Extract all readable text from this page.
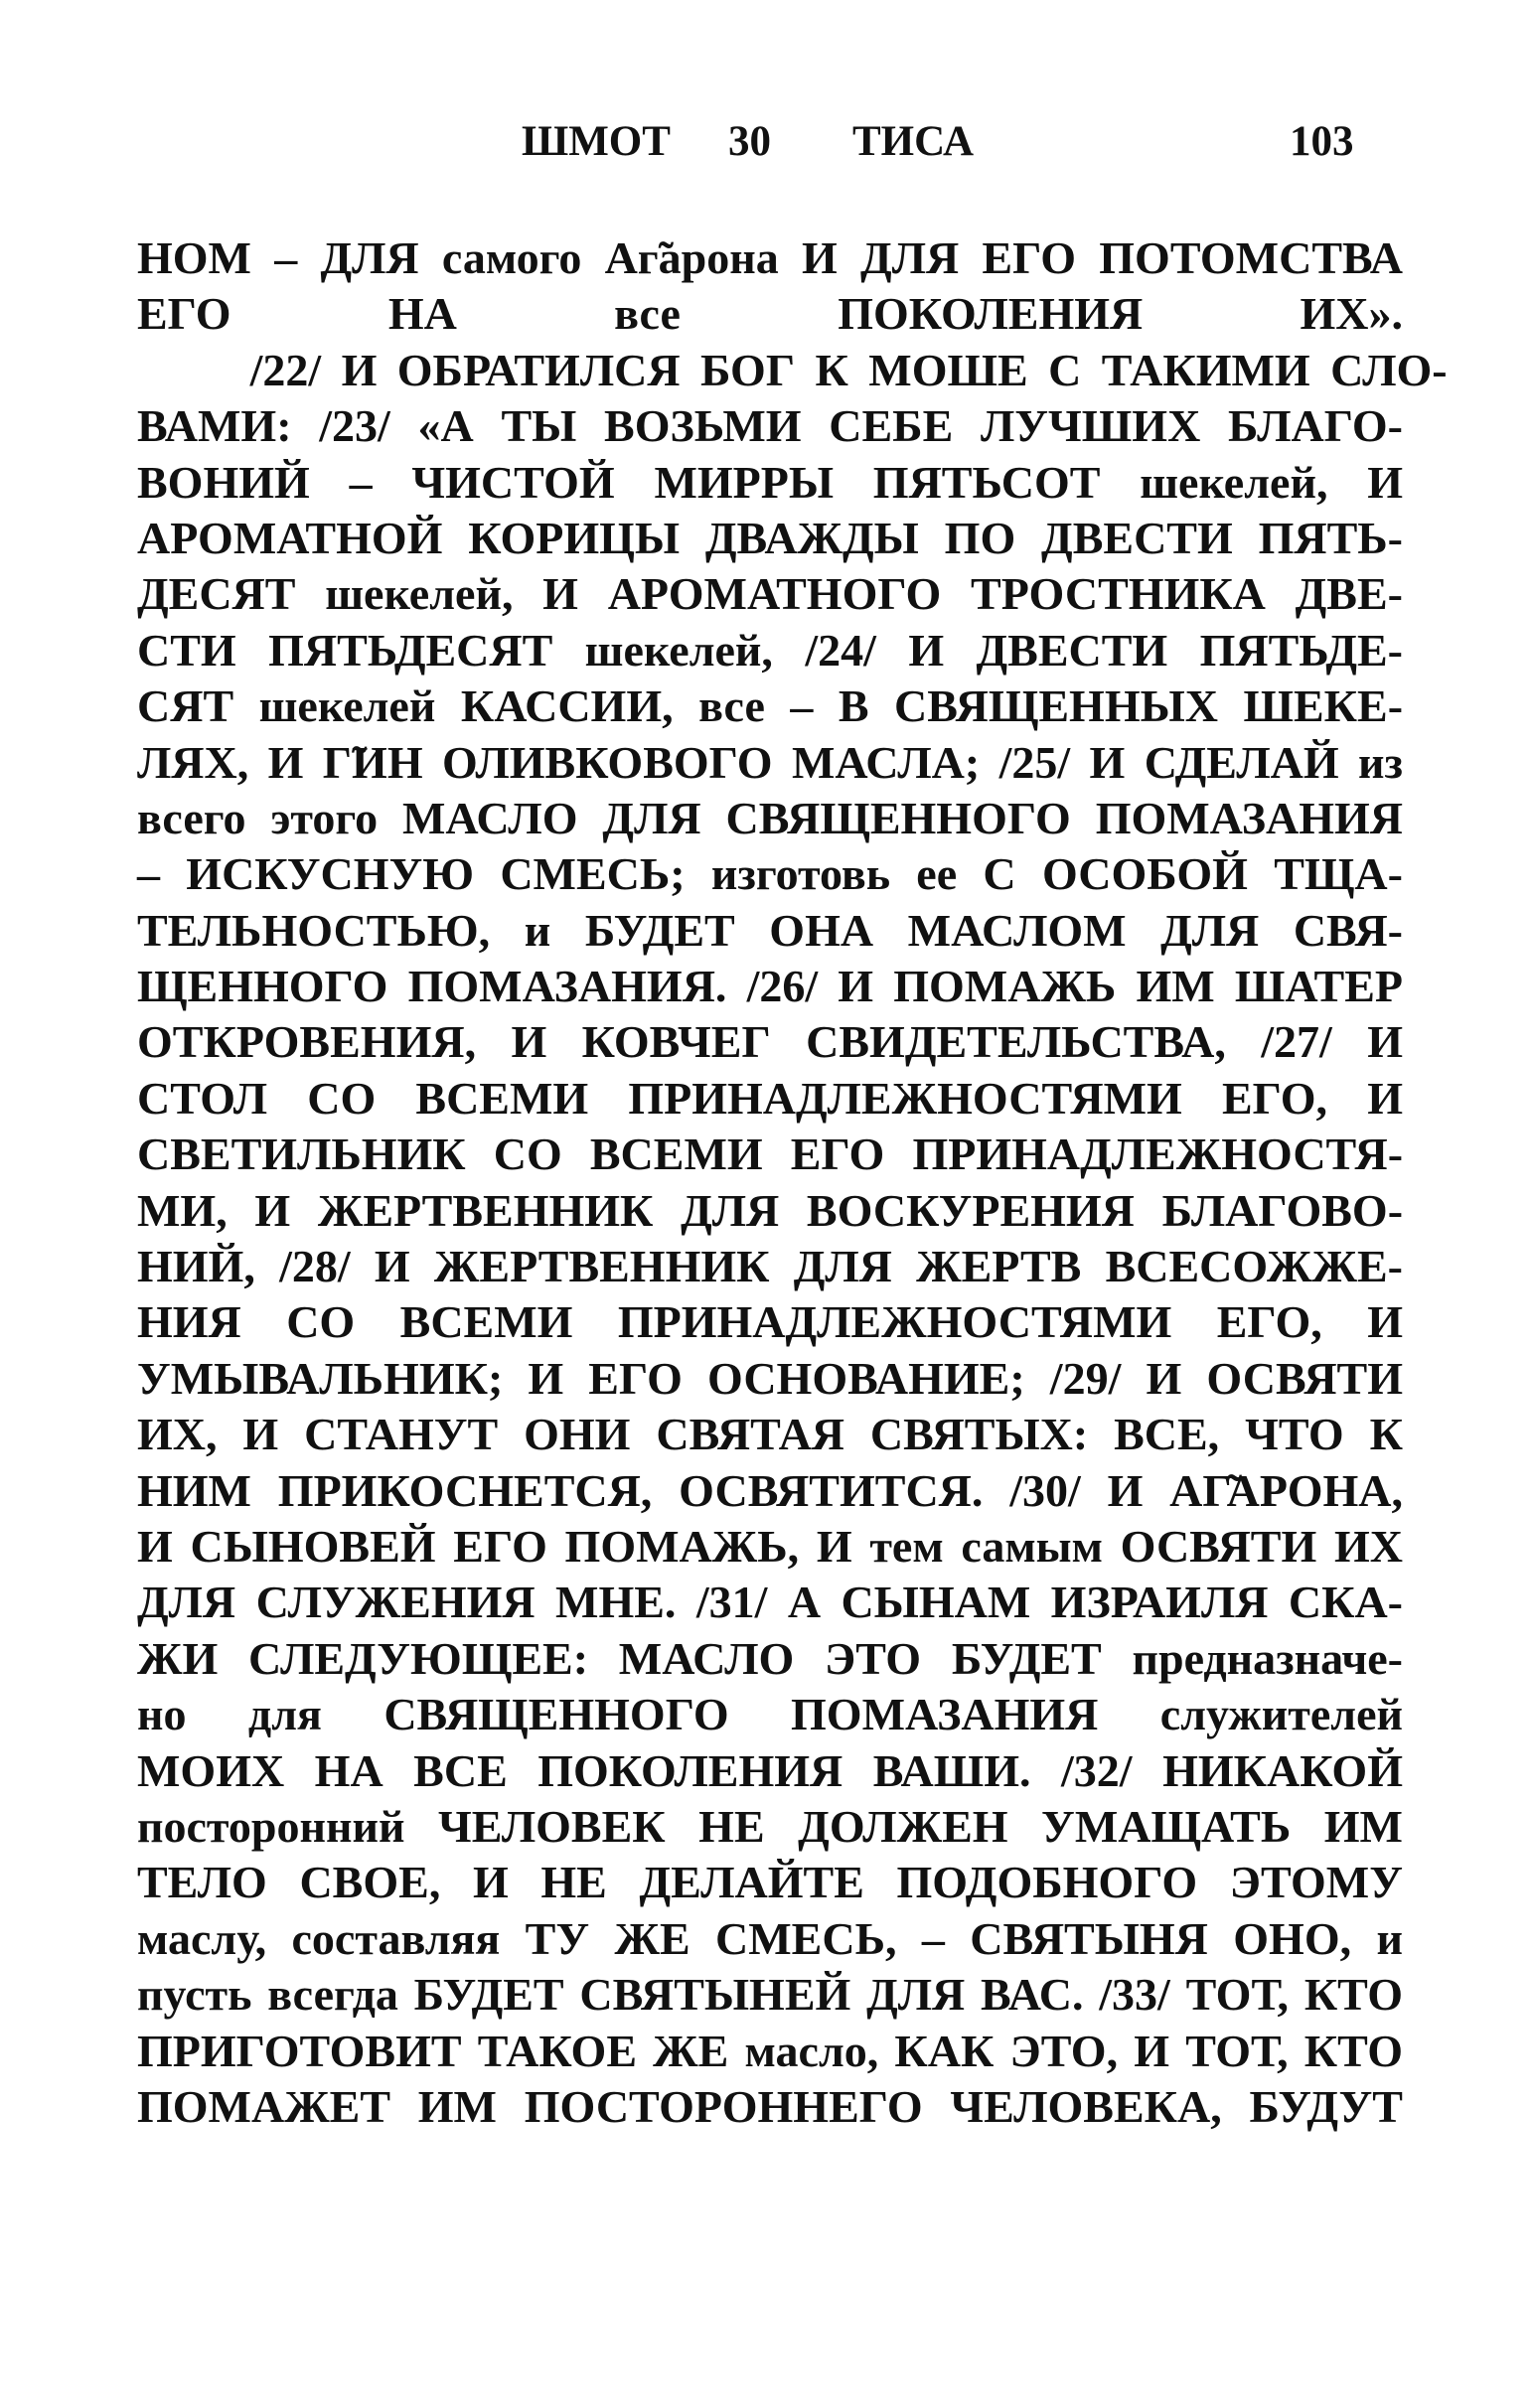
ШМОТ 30 ТИСА	103
НОМ – ДЛЯ самого Аг̃арона И ДЛЯ ЕГО ПОТОМСТВА
ЕГО НА все ПОКОЛЕНИЯ ИХ».
/22/ И ОБРАТИЛСЯ БОГ К МОШЕ С ТАКИМИ СЛО-
ВАМИ: /23/ «А ТЫ ВОЗЬМИ СЕБЕ ЛУЧШИХ БЛАГО-
ВОНИЙ – ЧИСТОЙ МИРРЫ ПЯТЬСОТ шекелей, И
АРОМАТНОЙ КОРИЦЫ ДВАЖДЫ ПО ДВЕСТИ ПЯТЬ-
ДЕСЯТ шекелей, И АРОМАТНОГО ТРОСТНИКА ДВЕ-
СТИ ПЯТЬДЕСЯТ шекелей, /24/ И ДВЕСТИ ПЯТЬДЕ-
СЯТ шекелей КАССИИ, все – В СВЯЩЕННЫХ ШЕКЕ-
ЛЯХ, И Г̃ИН ОЛИВКОВОГО МАСЛА; /25/ И СДЕЛАЙ из
всего этого МАСЛО ДЛЯ СВЯЩЕННОГО ПОМАЗАНИЯ
– ИСКУСНУЮ СМЕСЬ; изготовь ее С ОСОБОЙ ТЩА-
ТЕЛЬНОСТЬЮ, и БУДЕТ ОНА МАСЛОМ ДЛЯ СВЯ-
ЩЕННОГО ПОМАЗАНИЯ. /26/ И ПОМАЖЬ ИМ ШАТЕР
ОТКРОВЕНИЯ, И КОВЧЕГ СВИДЕТЕЛЬСТВА, /27/ И
СТОЛ СО ВСЕМИ ПРИНАДЛЕЖНОСТЯМИ ЕГО, И
СВЕТИЛЬНИК СО ВСЕМИ ЕГО ПРИНАДЛЕЖНОСТЯ-
МИ, И ЖЕРТВЕННИК ДЛЯ ВОСКУРЕНИЯ БЛАГОВО-
НИЙ, /28/ И ЖЕРТВЕННИК ДЛЯ ЖЕРТВ ВСЕСОЖЖЕ-
НИЯ СО ВСЕМИ ПРИНАДЛЕЖНОСТЯМИ ЕГО, И
УМЫВАЛЬНИК; И ЕГО ОСНОВАНИЕ; /29/ И ОСВЯТИ
ИХ, И СТАНУТ ОНИ СВЯТАЯ СВЯТЫХ: ВСЕ, ЧТО К
НИМ ПРИКОСНЕТСЯ, ОСВЯТИТСЯ. /30/ И АГ̃АРОНА,
И СЫНОВЕЙ ЕГО ПОМАЖЬ, И тем самым ОСВЯТИ ИХ
ДЛЯ СЛУЖЕНИЯ МНЕ. /31/ А СЫНАМ ИЗРАИЛЯ СКА-
ЖИ СЛЕДУЮЩЕЕ: МАСЛО ЭТО БУДЕТ предназначе-
но для СВЯЩЕННОГО ПОМАЗАНИЯ служителей
МОИХ НА ВСЕ ПОКОЛЕНИЯ ВАШИ. /32/ НИКАКОЙ
посторонний ЧЕЛОВЕК НЕ ДОЛЖЕН УМАЩАТЬ ИМ
ТЕЛО СВОЕ, И НЕ ДЕЛАЙТЕ ПОДОБНОГО ЭТОМУ
маслу, составляя ТУ ЖЕ СМЕСЬ, – СВЯТЫНЯ ОНО, и
пусть всегда БУДЕТ СВЯТЫНЕЙ ДЛЯ ВАС. /33/ ТОТ, КТО
ПРИГОТОВИТ ТАКОЕ ЖЕ масло, КАК ЭТО, И ТОТ, КТО
ПОМАЖЕТ ИМ ПОСТОРОННЕГО ЧЕЛОВЕКА, БУДУТ
